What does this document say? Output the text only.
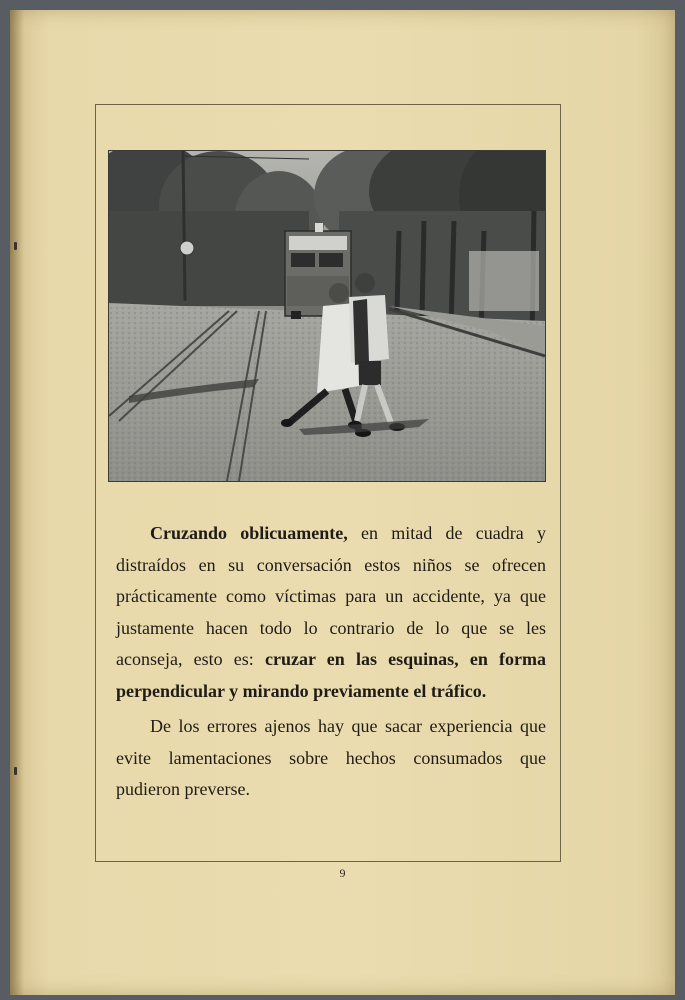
Cruzando oblicuamente, en mitad de cuadra y distraídos en su conversación estos niños se ofrecen prácticamente como víctimas para un accidente, ya que justamente hacen todo lo contrario de lo que se les aconseja, esto es: cruzar en las esquinas, en forma perpendicular y mirando previamente el tráfico.

De los errores ajenos hay que sacar experiencia que evite lamentaciones sobre hechos consumados que pudieron preverse.

9
